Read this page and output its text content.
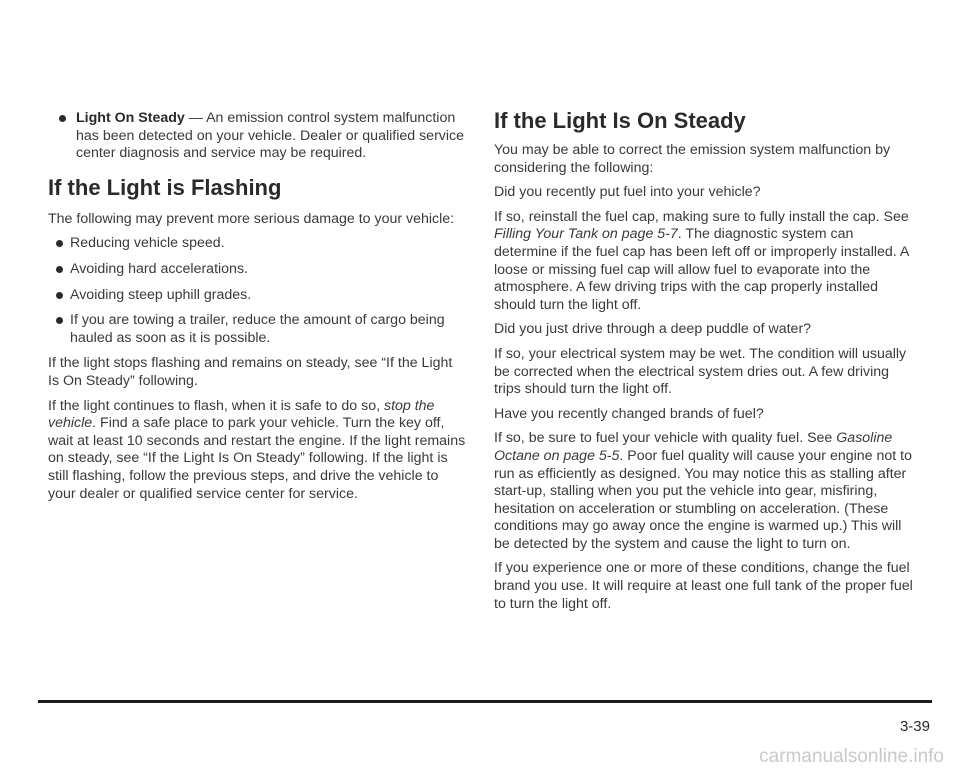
Light On Steady — An emission control system malfunction has been detected on your vehicle. Dealer or qualified service center diagnosis and service may be required.

If the Light is Flashing

The following may prevent more serious damage to your vehicle:

Reducing vehicle speed.

Avoiding hard accelerations.

Avoiding steep uphill grades.

If you are towing a trailer, reduce the amount of cargo being hauled as soon as it is possible.

If the light stops flashing and remains on steady, see “If the Light Is On Steady” following.

If the light continues to flash, when it is safe to do so, stop the vehicle. Find a safe place to park your vehicle. Turn the key off, wait at least 10 seconds and restart the engine. If the light remains on steady, see “If the Light Is On Steady” following. If the light is still flashing, follow the previous steps, and drive the vehicle to your dealer or qualified service center for service.

If the Light Is On Steady

You may be able to correct the emission system malfunction by considering the following:

Did you recently put fuel into your vehicle?

If so, reinstall the fuel cap, making sure to fully install the cap. See Filling Your Tank on page 5-7. The diagnostic system can determine if the fuel cap has been left off or improperly installed. A loose or missing fuel cap will allow fuel to evaporate into the atmosphere. A few driving trips with the cap properly installed should turn the light off.

Did you just drive through a deep puddle of water?

If so, your electrical system may be wet. The condition will usually be corrected when the electrical system dries out. A few driving trips should turn the light off.

Have you recently changed brands of fuel?

If so, be sure to fuel your vehicle with quality fuel. See Gasoline Octane on page 5-5. Poor fuel quality will cause your engine not to run as efficiently as designed. You may notice this as stalling after start-up, stalling when you put the vehicle into gear, misfiring, hesitation on acceleration or stumbling on acceleration. (These conditions may go away once the engine is warmed up.) This will be detected by the system and cause the light to turn on.

If you experience one or more of these conditions, change the fuel brand you use. It will require at least one full tank of the proper fuel to turn the light off.

3-39
carmanualsonline.info
